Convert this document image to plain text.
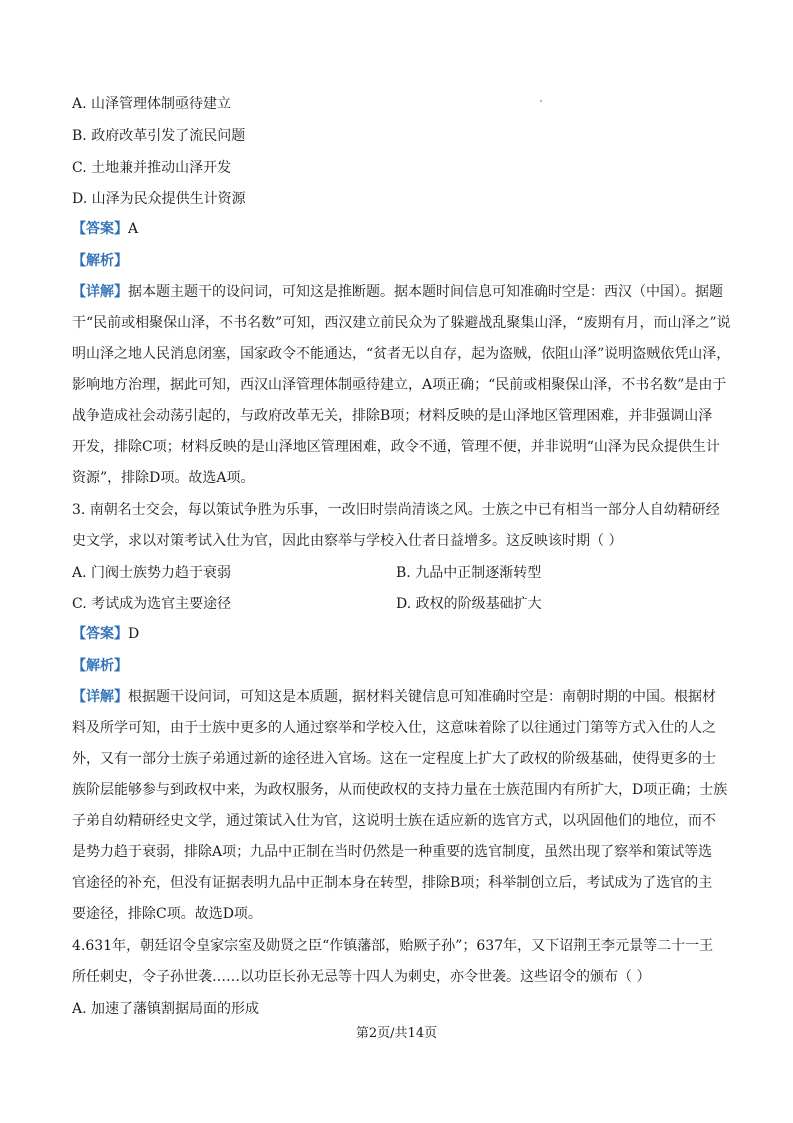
A. 山泽管理体制亟待建立
B. 政府改革引发了流民问题
C. 土地兼并推动山泽开发
D. 山泽为民众提供生计资源
【答案】A
【解析】
【详解】据本题主题干的设问词，可知这是推断题。据本题时间信息可知准确时空是：西汉（中国）。据题
干“民前或相聚保山泽，不书名数”可知，西汉建立前民众为了躲避战乱聚集山泽，“废期有月，而山泽之”说
明山泽之地人民消息闭塞，国家政令不能通达，“贫者无以自存，起为盗贼，依阻山泽”说明盗贼依凭山泽，
影响地方治理，据此可知，西汉山泽管理体制亟待建立，A项正确；“民前或相聚保山泽，不书名数”是由于
战争造成社会动荡引起的，与政府改革无关，排除B项；材料反映的是山泽地区管理困难，并非强调山泽
开发，排除C项；材料反映的是山泽地区管理困难，政令不通，管理不便，并非说明“山泽为民众提供生计
资源”，排除D项。故选A项。
3. 南朝名士交会，每以策试争胜为乐事，一改旧时崇尚清谈之风。士族之中已有相当一部分人自幼精研经
史文学，求以对策考试入仕为官，因此由察举与学校入仕者日益增多。这反映该时期（ ）
A. 门阀士族势力趋于衰弱	B. 九品中正制逐渐转型
C. 考试成为选官主要途径	D. 政权的阶级基础扩大
【答案】D
【解析】
【详解】根据题干设问词，可知这是本质题，据材料关键信息可知准确时空是：南朝时期的中国。根据材
料及所学可知，由于士族中更多的人通过察举和学校入仕，这意味着除了以往通过门第等方式入仕的人之
外，又有一部分士族子弟通过新的途径进入官场。这在一定程度上扩大了政权的阶级基础，使得更多的士
族阶层能够参与到政权中来，为政权服务，从而使政权的支持力量在士族范围内有所扩大，D项正确；士族
子弟自幼精研经史文学，通过策试入仕为官，这说明士族在适应新的选官方式，以巩固他们的地位，而不
是势力趋于衰弱，排除A项；九品中正制在当时仍然是一种重要的选官制度，虽然出现了察举和策试等选
官途径的补充，但没有证据表明九品中正制本身在转型，排除B项；科举制创立后，考试成为了选官的主
要途径，排除C项。故选D项。
4.631年，朝廷诏令皇家宗室及勋贤之臣“作镇藩部，贻厥子孙”；637年，又下诏荆王李元景等二十一王
所任刺史，令子孙世袭……以功臣长孙无忌等十四人为刺史，亦令世袭。这些诏令的颁布（ ）
A. 加速了藩镇割据局面的形成
第2页/共14页
